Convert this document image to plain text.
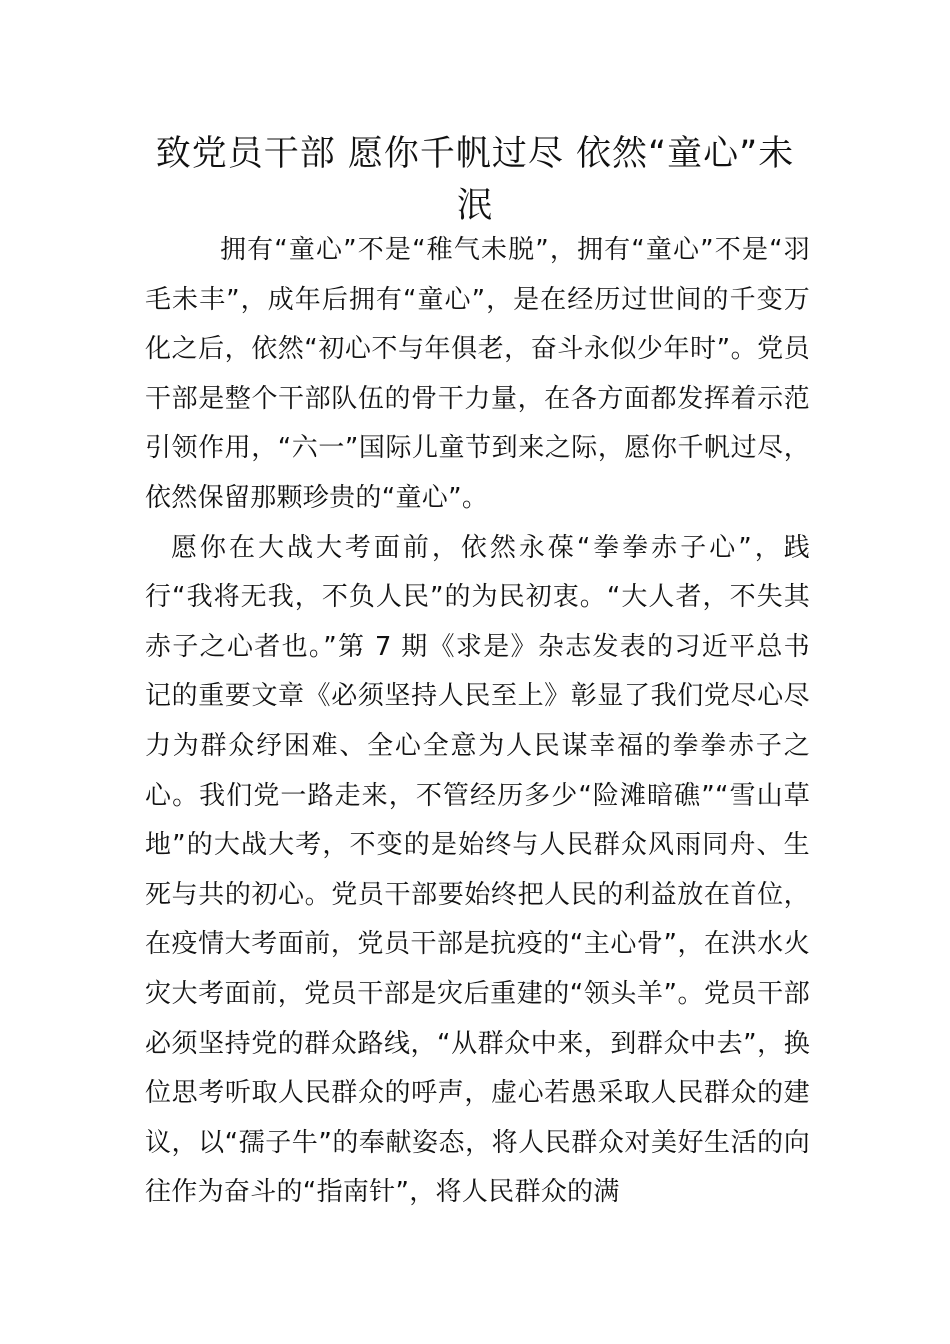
致党员干部 愿你千帆过尽 依然“童心”未泯

拥有“童心”不是“稚气未脱”，拥有“童心”不是“羽毛未丰”，成年后拥有“童心”，是在经历过世间的千变万化之后，依然“初心不与年俱老，奋斗永似少年时”。党员干部是整个干部队伍的骨干力量，在各方面都发挥着示范引领作用，“六一”国际儿童节到来之际，愿你千帆过尽，依然保留那颗珍贵的“童心”。

愿你在大战大考面前，依然永葆“拳拳赤子心”，践行“我将无我，不负人民”的为民初衷。“大人者，不失其赤子之心者也。”第 7 期《求是》杂志发表的习近平总书记的重要文章《必须坚持人民至上》彰显了我们党尽心尽力为群众纾困难、全心全意为人民谋幸福的拳拳赤子之心。我们党一路走来，不管经历多少“险滩暗礁”“雪山草地”的大战大考，不变的是始终与人民群众风雨同舟、生死与共的初心。党员干部要始终把人民的利益放在首位，在疫情大考面前，党员干部是抗疫的“主心骨”，在洪水火灾大考面前，党员干部是灾后重建的“领头羊”。党员干部必须坚持党的群众路线，“从群众中来，到群众中去”，换位思考听取人民群众的呼声，虚心若愚采取人民群众的建议，以“孺子牛”的奉献姿态，将人民群众对美好生活的向往作为奋斗的“指南针”，将人民群众的满
